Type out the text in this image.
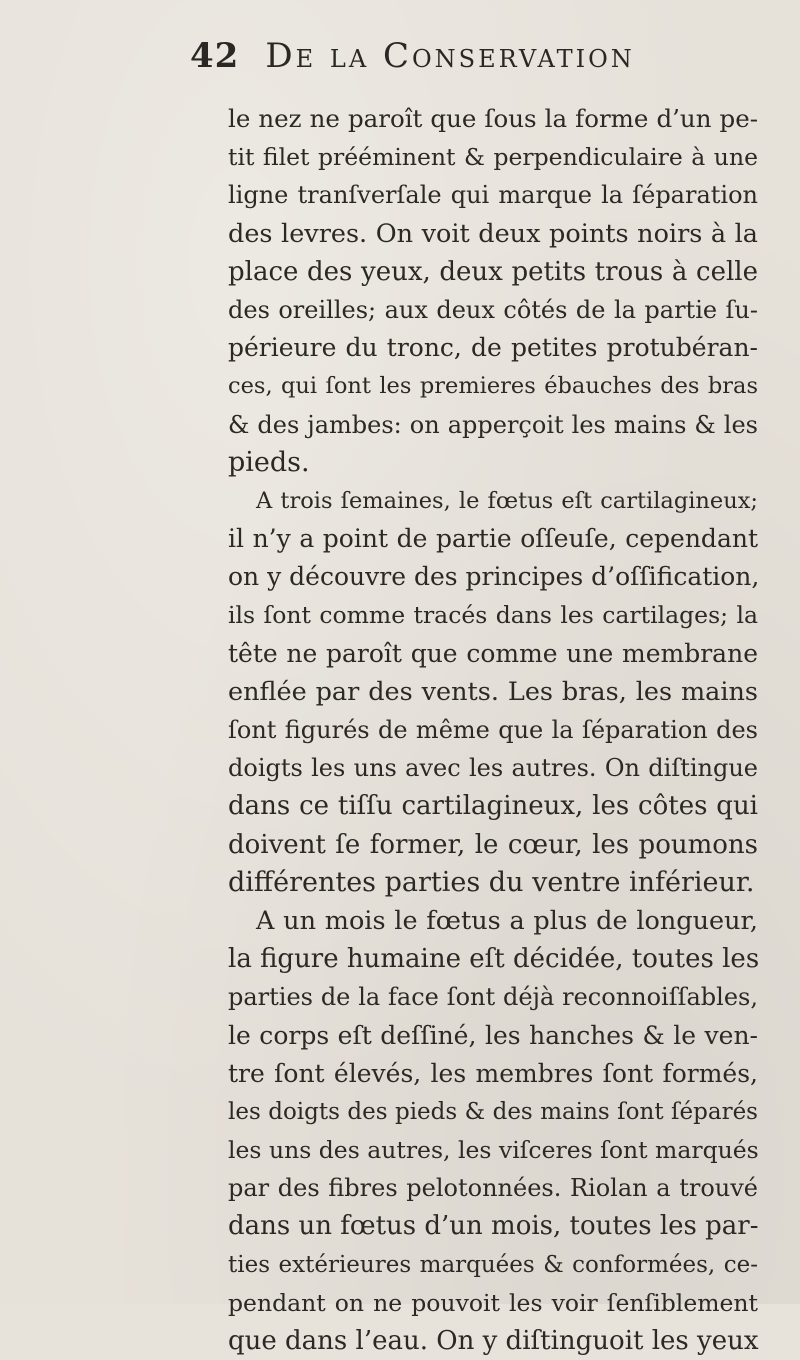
42 De la Conservation
le nez ne paroît que ſous la forme d’un pe-
tit filet prééminent & perpendiculaire à une
ligne tranſverſale qui marque la ſéparation
des levres. On voit deux points noirs à la
place des yeux, deux petits trous à celle
des oreilles; aux deux côtés de la partie ſu-
périeure du tronc, de petites protubéran-
ces, qui ſont les premieres ébauches des bras
& des jambes: on apperçoit les mains & les
pieds.
A trois ſemaines, le fœtus eſt cartilagineux;
il n’y a point de partie oſſeuſe, cependant
on y découvre des principes d’oſſification,
ils ſont comme tracés dans les cartilages; la
tête ne paroît que comme une membrane
enflée par des vents. Les bras, les mains
ſont figurés de même que la ſéparation des
doigts les uns avec les autres. On diſtingue
dans ce tiſſu cartilagineux, les côtes qui
doivent ſe former, le cœur, les poumons
différentes parties du ventre inférieur.
A un mois le fœtus a plus de longueur,
la figure humaine eſt décidée, toutes les
parties de la face ſont déjà reconnoiſſables,
le corps eſt deſſiné, les hanches & le ven-
tre ſont élevés, les membres ſont formés,
les doigts des pieds & des mains ſont ſéparés
les uns des autres, les viſceres ſont marqués
par des fibres pelotonnées. Riolan a trouvé
dans un fœtus d’un mois, toutes les par-
ties extérieures marquées & conformées, ce-
pendant on ne pouvoit les voir ſenſiblement
que dans l’eau. On y diſtinguoit les yeux
